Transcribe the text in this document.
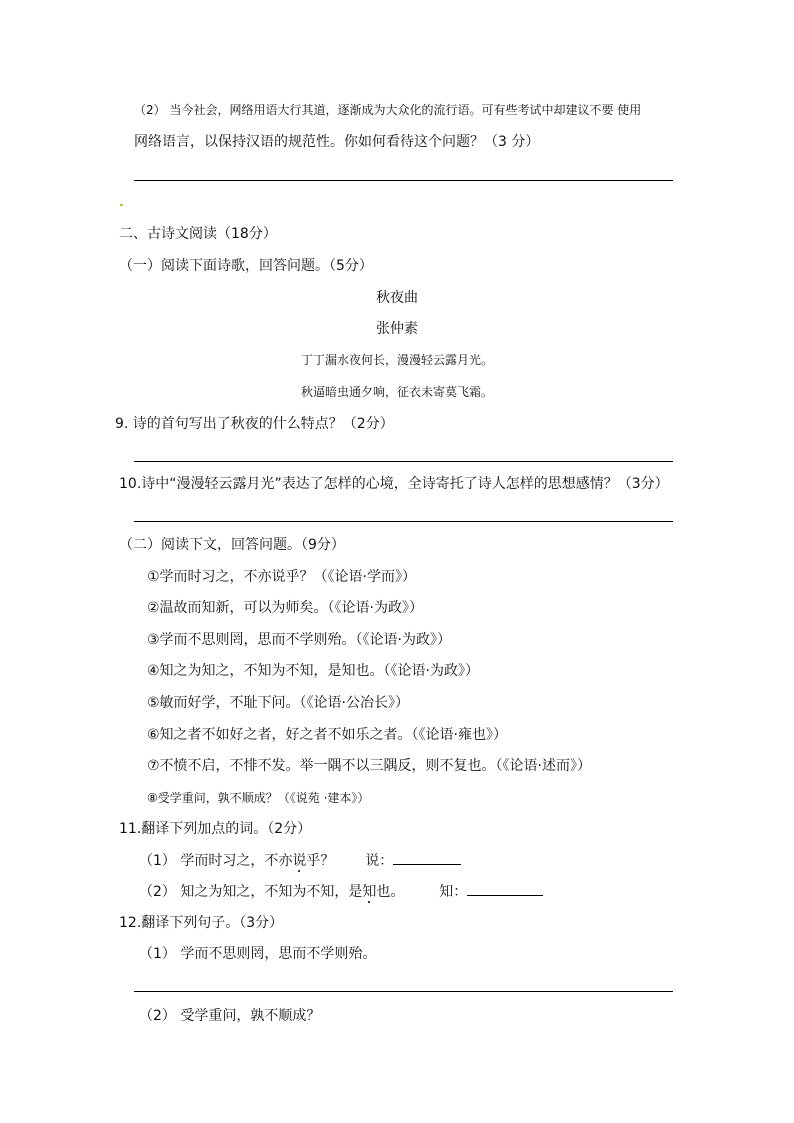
（2） 当今社会，网络用语大行其道，逐渐成为大众化的流行语。可有些考试中却建议不要 使用
网络语言，以保持汉语的规范性。你如何看待这个问题？（3 分）
二、古诗文阅读（18分）
（一）阅读下面诗歌，回答问题。（5分）
秋夜曲
张仲素
丁丁漏水夜何长，漫漫轻云露月光。
秋逼暗虫通夕响，征衣未寄莫飞霜。
9. 诗的首句写出了秋夜的什么特点？（2分）
10.诗中“漫漫轻云露月光”表达了怎样的心境，全诗寄托了诗人怎样的思想感情？（3分）
（二）阅读下文，回答问题。（9分）
①学而时习之，不亦说乎？（《论语·学而》）
②温故而知新，可以为师矣。（《论语·为政》）
③学而不思则罔，思而不学则殆。（《论语·为政》）
④知之为知之，不知为不知，是知也。（《论语·为政》）
⑤敏而好学，不耻下问。（《论语·公冶长》）
⑥知之者不如好之者，好之者不如乐之者。（《论语·雍也》）
⑦不愤不启，不悱不发。举一隅不以三隅反，则不复也。（《论语·述而》）
⑧受学重问，孰不顺成？（《说苑 ·建本》）
11.翻译下列加点的词。（2分）
（1） 学而时习之，不亦说乎？ 说：
（2） 知之为知之，不知为不知，是知也。 知：
12.翻译下列句子。（3分）
（1） 学而不思则罔，思而不学则殆。
（2） 受学重问，孰不顺成？
